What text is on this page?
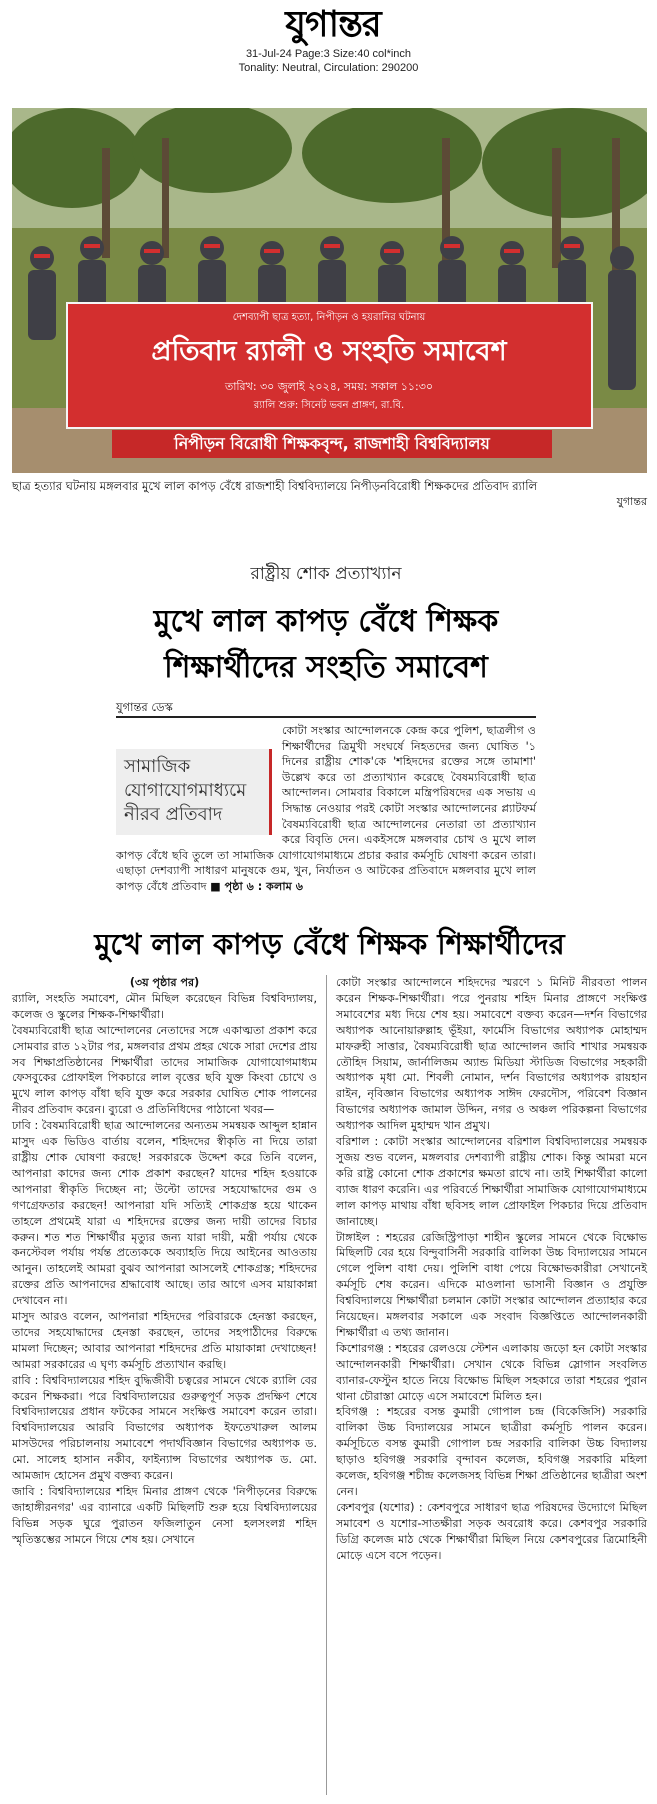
যুগান্তর
31-Jul-24 Page:3 Size:40 col*inch
Tonality: Neutral, Circulation: 290200
দেশব্যাপী ছাত্র হত্যা, নিপীড়ন ও হয়রানির ঘটনায়
প্রতিবাদ র‍্যালী ও সংহতি সমাবেশ
তারিখ: ৩০ জুলাই ২০২৪, সময়: সকাল ১১:৩০
র‍্যালি শুরু: সিনেট ভবন প্রাঙ্গণ, রা.বি.
নিপীড়ন বিরোধী শিক্ষকবৃন্দ, রাজশাহী বিশ্ববিদ্যালয়
ছাত্র হত্যার ঘটনায় মঙ্গলবার মুখে লাল কাপড় বেঁধে রাজশাহী বিশ্ববিদ্যালয়ে নিপীড়নবিরোধী শিক্ষকদের প্রতিবাদ র‍্যালি
যুগান্তর
রাষ্ট্রীয় শোক প্রত্যাখ্যান
মুখে লাল কাপড় বেঁধে শিক্ষক
শিক্ষার্থীদের সংহতি সমাবেশ
যুগান্তর ডেস্ক
সামাজিক যোগাযোগমাধ্যমে নীরব প্রতিবাদ
কোটা সংস্কার আন্দোলনকে কেন্দ্র করে পুলিশ, ছাত্রলীগ ও শিক্ষার্থীদের ত্রিমুখী সংঘর্ষে নিহতদের জন্য ঘোষিত '১ দিনের রাষ্ট্রীয় শোক'কে 'শহিদদের রক্তের সঙ্গে তামাশা' উল্লেখ করে তা প্রত্যাখ্যান করেছে বৈষম্যবিরোধী ছাত্র আন্দোলন। সোমবার বিকালে মন্ত্রিপরিষদের এক সভায় এ সিদ্ধান্ত নেওয়ার পরই কোটা সংস্কার আন্দোলনের প্ল্যাটফর্ম বৈষম্যবিরোধী ছাত্র আন্দোলনের নেতারা তা প্রত্যাখ্যান করে বিবৃতি দেন। একইসঙ্গে মঙ্গলবার চোখ ও মুখে লাল কাপড় বেঁধে ছবি তুলে তা সামাজিক যোগাযোগমাধ্যমে প্রচার করার কর্মসূচি ঘোষণা করেন তারা। এছাড়া দেশব্যাপী সাধারণ মানুষকে গুম, খুন, নির্যাতন ও আটকের প্রতিবাদে মঙ্গলবার মুখে লাল কাপড় বেঁধে প্রতিবাদ ■ পৃষ্ঠা ৬ : কলাম ৬
মুখে লাল কাপড় বেঁধে শিক্ষক শিক্ষার্থীদের
(৩য় পৃষ্ঠার পর)

র‍্যালি, সংহতি সমাবেশ, মৌন মিছিল করেছেন বিভিন্ন বিশ্ববিদ্যালয়, কলেজ ও স্কুলের শিক্ষক-শিক্ষার্থীরা।

বৈষম্যবিরোধী ছাত্র আন্দোলনের নেতাদের সঙ্গে একাত্মতা প্রকাশ করে সোমবার রাত ১২টার পর, মঙ্গলবার প্রথম প্রহর থেকে সারা দেশের প্রায় সব শিক্ষাপ্রতিষ্ঠানের শিক্ষার্থীরা তাদের সামাজিক যোগাযোগমাধ্যম ফেসবুকের প্রোফাইল পিকচারে লাল বৃত্তের ছবি যুক্ত কিংবা চোখে ও মুখে লাল কাপড় বাঁধা ছবি যুক্ত করে সরকার ঘোষিত শোক পালনের নীরব প্রতিবাদ করেন। ব্যুরো ও প্রতিনিধিদের পাঠানো খবর—

ঢাবি : বৈষম্যবিরোধী ছাত্র আন্দোলনের অন্যতম সমন্বয়ক আব্দুল হান্নান মাসুদ এক ভিডিও বার্তায় বলেন, শহিদদের স্বীকৃতি না দিয়ে তারা রাষ্ট্রীয় শোক ঘোষণা করছে! সরকারকে উদ্দেশ করে তিনি বলেন, আপনারা কাদের জন্য শোক প্রকাশ করছেন? যাদের শহিদ হওয়াকে আপনারা স্বীকৃতি দিচ্ছেন না; উল্টো তাদের সহযোদ্ধাদের গুম ও গণগ্রেফতার করছেন! আপনারা যদি সত্যিই শোকগ্রস্ত হয়ে থাকেন তাহলে প্রথমেই যারা এ শহিদদের রক্তের জন্য দায়ী তাদের বিচার করুন। শত শত শিক্ষার্থীর মৃত্যুর জন্য যারা দায়ী, মন্ত্রী পর্যায় থেকে কনস্টেবল পর্যায় পর্যন্ত প্রত্যেককে অব্যাহতি দিয়ে আইনের আওতায় আনুন। তাহলেই আমরা বুঝব আপনারা আসলেই শোকগ্রস্ত; শহিদদের রক্তের প্রতি আপনাদের শ্রদ্ধাবোধ আছে। তার আগে এসব মায়াকান্না দেখাবেন না।

মাসুদ আরও বলেন, আপনারা শহিদদের পরিবারকে হেনস্তা করছেন, তাদের সহযোদ্ধাদের হেনস্তা করছেন, তাদের সহপাঠীদের বিরুদ্ধে মামলা দিচ্ছেন; আবার আপনারা শহিদদের প্রতি মায়াকান্না দেখাচ্ছেন! আমরা সরকারের এ ঘৃণ্য কর্মসূচি প্রত্যাখান করছি।

রাবি : বিশ্ববিদ্যালয়ের শহিদ বুদ্ধিজীবী চত্বরের সামনে থেকে র‍্যালি বের করেন শিক্ষকরা। পরে বিশ্ববিদ্যালয়ের গুরুত্বপূর্ণ সড়ক প্রদক্ষিণ শেষে বিশ্ববিদ্যালয়ের প্রধান ফটকের সামনে সংক্ষিপ্ত সমাবেশ করেন তারা। বিশ্ববিদ্যালয়ের আরবি বিভাগের অধ্যাপক ইফতেখারুল আলম মাসউদের পরিচালনায় সমাবেশে পদার্থবিজ্ঞান বিভাগের অধ্যাপক ড. মো. সালেহ হাসান নকীব, ফাইন্যান্স বিভাগের অধ্যাপক ড. মো. আমজাদ হোসেন প্রমুখ বক্তব্য করেন।

জাবি : বিশ্ববিদ্যালয়ের শহিদ মিনার প্রাঙ্গণ থেকে 'নিপীড়নের বিরুদ্ধে জাহাঙ্গীরনগর' এর ব্যানারে একটি মিছিলটি শুরু হয়ে বিশ্ববিদ্যালয়ের বিভিন্ন সড়ক ঘুরে পুরাতন ফজিলাতুন নেসা হলসংলগ্ন শহিদ স্মৃতিস্তম্ভের সামনে গিয়ে শেষ হয়। সেখানে

কোটা সংস্কার আন্দোলনে শহিদদের স্মরণে ১ মিনিট নীরবতা পালন করেন শিক্ষক-শিক্ষার্থীরা। পরে পুনরায় শহিদ মিনার প্রাঙ্গণে সংক্ষিপ্ত সমাবেশের মধ্য দিয়ে শেষ হয়। সমাবেশে বক্তব্য করেন—দর্শন বিভাগের অধ্যাপক আনোয়ারুল্লাহ ভূঁইয়া, ফার্মেসি বিভাগের অধ্যাপক মোহাম্মদ মাফরুহী সাত্তার, বৈষম্যবিরোধী ছাত্র আন্দোলন জাবি শাখার সমন্বয়ক তৌহিদ সিয়াম, জার্নালিজম অ্যান্ড মিডিয়া স্টাডিজ বিভাগের সহকারী অধ্যাপক মৃধা মো. শিবলী নোমান, দর্শন বিভাগের অধ্যাপক রায়হান রাইন, নৃবিজ্ঞান বিভাগের অধ্যাপক সাঈদ ফেরদৌস, পরিবেশ বিজ্ঞান বিভাগের অধ্যাপক জামাল উদ্দিন, নগর ও অঞ্চল পরিকল্পনা বিভাগের অধ্যাপক আদিল মুহাম্মদ খান প্রমুখ।

বরিশাল : কোটা সংস্কার আন্দোলনের বরিশাল বিশ্ববিদ্যালয়ের সমন্বয়ক সুজয় শুভ বলেন, মঙ্গলবার দেশব্যাপী রাষ্ট্রীয় শোক। কিন্তু আমরা মনে করি রাষ্ট্র কোনো শোক প্রকাশের ক্ষমতা রাখে না। তাই শিক্ষার্থীরা কালো ব্যাজ ধারণ করেনি। এর পরিবর্তে শিক্ষার্থীরা সামাজিক যোগাযোগমাধ্যমে লাল কাপড় মাথায় বাঁধা ছবিসহ লাল প্রোফাইল পিকচার দিয়ে প্রতিবাদ জানাচ্ছে।

টাঙ্গাইল : শহরের রেজিস্ট্রিপাড়া শাহীন স্কুলের সামনে থেকে বিক্ষোভ মিছিলটি বের হয়ে বিন্দুবাসিনী সরকারি বালিকা উচ্চ বিদ্যালয়ের সামনে গেলে পুলিশ বাধা দেয়। পুলিশি বাধা পেয়ে বিক্ষোভকারীরা সেখানেই কর্মসূচি শেষ করেন। এদিকে মাওলানা ভাসানী বিজ্ঞান ও প্রযুক্তি বিশ্ববিদ্যালয়ে শিক্ষার্থীরা চলমান কোটা সংস্কার আন্দোলন প্রত্যাহার করে নিয়েছেন। মঙ্গলবার সকালে এক সংবাদ বিজ্ঞপ্তিতে আন্দোলনকারী শিক্ষার্থীরা এ তথ্য জানান।

কিশোরগঞ্জ : শহরের রেলওয়ে স্টেশন এলাকায় জড়ো হন কোটা সংস্কার আন্দোলনকারী শিক্ষার্থীরা। সেখান থেকে বিভিন্ন স্লোগান সংবলিত ব্যানার-ফেস্টুন হাতে নিয়ে বিক্ষোভ মিছিল সহকারে তারা শহরের পুরান থানা চৌরাস্তা মোড়ে এসে সমাবেশে মিলিত হন।

হবিগঞ্জ : শহরের বসন্ত কুমারী গোপাল চন্দ্র (বিকেজিসি) সরকারি বালিকা উচ্চ বিদ্যালয়ের সামনে ছাত্রীরা কর্মসূচি পালন করেন। কর্মসূচিতে বসন্ত কুমারী গোপাল চন্দ্র সরকারি বালিকা উচ্চ বিদ্যালয় ছাড়াও হবিগঞ্জ সরকারি বৃন্দাবন কলেজ, হবিগঞ্জ সরকারি মহিলা কলেজ, হবিগঞ্জ শচীন্দ্র কলেজসহ বিভিন্ন শিক্ষা প্রতিষ্ঠানের ছাত্রীরা অংশ নেন।

কেশবপুর (যশোর) : কেশবপুরে সাধারণ ছাত্র পরিষদের উদ্যোগে মিছিল সমাবেশ ও যশোর-সাতক্ষীরা সড়ক অবরোধ করে। কেশবপুর সরকারি ডিগ্রি কলেজ মাঠ থেকে শিক্ষার্থীরা মিছিল নিয়ে কেশবপুরের ত্রিমোহিনী মোড়ে এসে বসে পড়েন।
